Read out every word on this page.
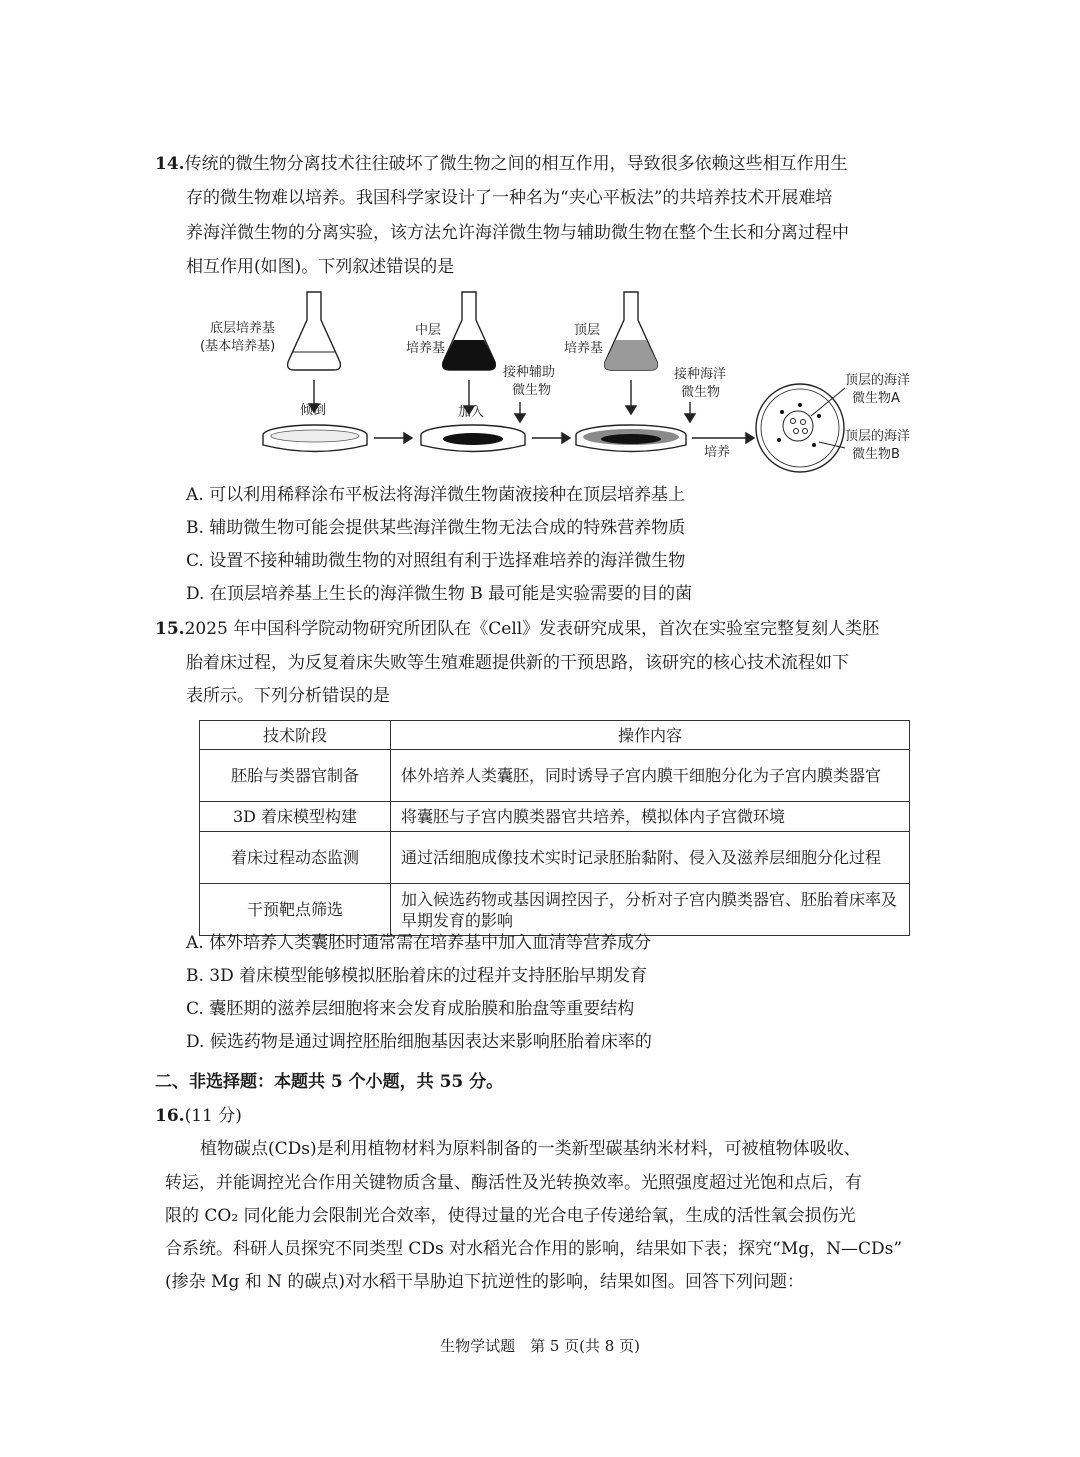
14.传统的微生物分离技术往往破坏了微生物之间的相互作用，导致很多依赖这些相互作用生
存的微生物难以培养。我国科学家设计了一种名为“夹心平板法”的共培养技术开展难培
养海洋微生物的分离实验，该方法允许海洋微生物与辅助微生物在整个生长和分离过程中
相互作用(如图)。下列叙述错误的是
底层培养基
(基本培养基)
中层
培养基
顶层
培养基
倾倒	加入
接种辅助
微生物
接种海洋
微生物
培养
顶层的海洋
微生物A
顶层的海洋
微生物B
A. 可以利用稀释涂布平板法将海洋微生物菌液接种在顶层培养基上
B. 辅助微生物可能会提供某些海洋微生物无法合成的特殊营养物质
C. 设置不接种辅助微生物的对照组有利于选择难培养的海洋微生物
D. 在顶层培养基上生长的海洋微生物 B 最可能是实验需要的目的菌
15.2025 年中国科学院动物研究所团队在《Cell》发表研究成果，首次在实验室完整复刻人类胚
胎着床过程，为反复着床失败等生殖难题提供新的干预思路，该研究的核心技术流程如下
表所示。下列分析错误的是
技术阶段	操作内容
胚胎与类器官制备	体外培养人类囊胚，同时诱导子宫内膜干细胞分化为子宫内膜类器官
3D 着床模型构建	将囊胚与子宫内膜类器官共培养，模拟体内子宫微环境
着床过程动态监测	通过活细胞成像技术实时记录胚胎黏附、侵入及滋养层细胞分化过程
干预靶点筛选	加入候选药物或基因调控因子，分析对子宫内膜类器官、胚胎着床率及早期发育的影响
A. 体外培养人类囊胚时通常需在培养基中加入血清等营养成分
B. 3D 着床模型能够模拟胚胎着床的过程并支持胚胎早期发育
C. 囊胚期的滋养层细胞将来会发育成胎膜和胎盘等重要结构
D. 候选药物是通过调控胚胎细胞基因表达来影响胚胎着床率的
二、非选择题：本题共 5 个小题，共 55 分。
16.(11 分)
植物碳点(CDs)是利用植物材料为原料制备的一类新型碳基纳米材料，可被植物体吸收、
转运，并能调控光合作用关键物质含量、酶活性及光转换效率。光照强度超过光饱和点后，有
限的 CO₂ 同化能力会限制光合效率，使得过量的光合电子传递给氧，生成的活性氧会损伤光
合系统。科研人员探究不同类型 CDs 对水稻光合作用的影响，结果如下表；探究“Mg，N—CDs”
(掺杂 Mg 和 N 的碳点)对水稻干旱胁迫下抗逆性的影响，结果如图。回答下列问题：
生物学试题　第 5 页(共 8 页)
